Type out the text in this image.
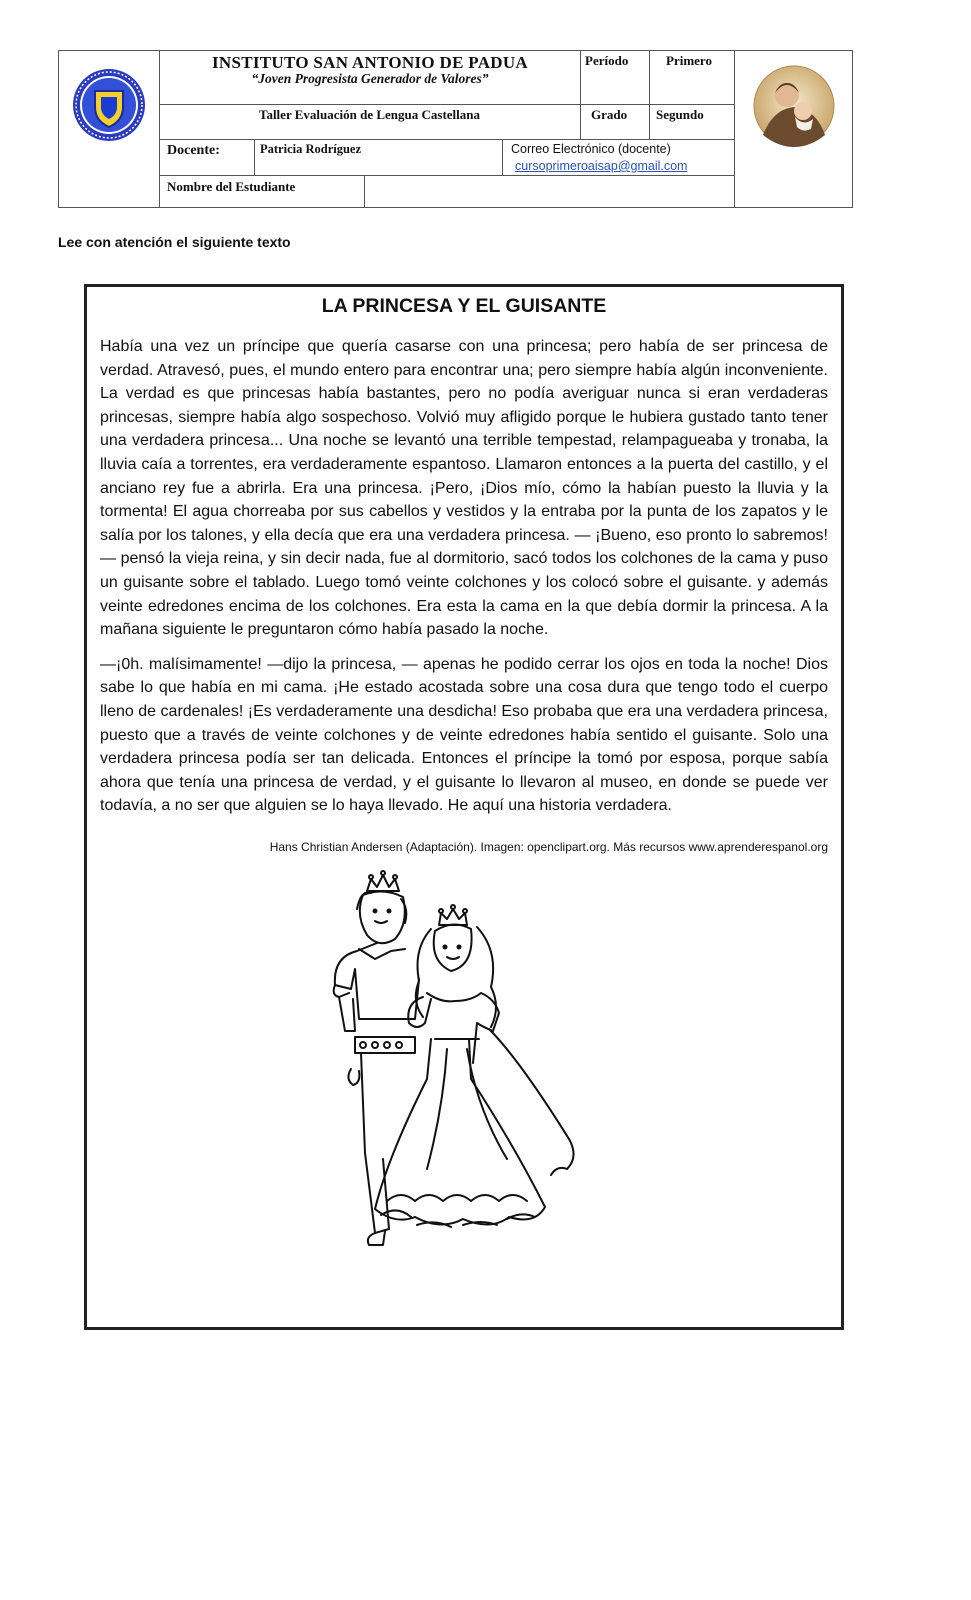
INSTITUTO SAN ANTONIO DE PADUA
“Joven Progresista Generador de Valores”
Período	Primero
Taller Evaluación de Lengua Castellana	Grado Segundo
Docente:	Patricia Rodríguez	Correo Electrónico (docente)
cursoprimeroaisap@gmail.com
Nombre del Estudiante
Lee con atención el siguiente texto
LA PRINCESA Y EL GUISANTE

Había una vez un príncipe que quería casarse con una princesa; pero había de ser princesa de verdad. Atravesó, pues, el mundo entero para encontrar una; pero siempre había algún inconveniente. La verdad es que princesas había bastantes, pero no podía averiguar nunca si eran verdaderas princesas, siempre había algo sospechoso. Volvió muy afligido porque le hubiera gustado tanto tener una verdadera princesa... Una noche se levantó una terrible tempestad, relampagueaba y tronaba, la lluvia caía a torrentes, era verdaderamente espantoso. Llamaron entonces a la puerta del castillo, y el anciano rey fue a abrirla. Era una princesa. ¡Pero, ¡Dios mío, cómo la habían puesto la lluvia y la tormenta! El agua chorreaba por sus cabellos y vestidos y la entraba por la punta de los zapatos y le salía por los talones, y ella decía que era una verdadera princesa. — ¡Bueno, eso pronto lo sabremos! — pensó la vieja reina, y sin decir nada, fue al dormitorio, sacó todos los colchones de la cama y puso un guisante sobre el tablado. Luego tomó veinte colchones y los colocó sobre el guisante. y además veinte edredones encima de los colchones. Era esta la cama en la que debía dormir la princesa. A la mañana siguiente le preguntaron cómo había pasado la noche.

—¡0h. malísimamente! —dijo la princesa, — apenas he podido cerrar los ojos en toda la noche! Dios sabe lo que había en mi cama. ¡He estado acostada sobre una cosa dura que tengo todo el cuerpo lleno de cardenales! ¡Es verdaderamente una desdicha! Eso probaba que era una verdadera princesa, puesto que a través de veinte colchones y de veinte edredones había sentido el guisante. Solo una verdadera princesa podía ser tan delicada. Entonces el príncipe la tomó por esposa, porque sabía ahora que tenía una princesa de verdad, y el guisante lo llevaron al museo, en donde se puede ver todavía, a no ser que alguien se lo haya llevado. He aquí una historia verdadera.

Hans Christian Andersen (Adaptación). Imagen: openclipart.org. Más recursos www.aprenderespanol.org
